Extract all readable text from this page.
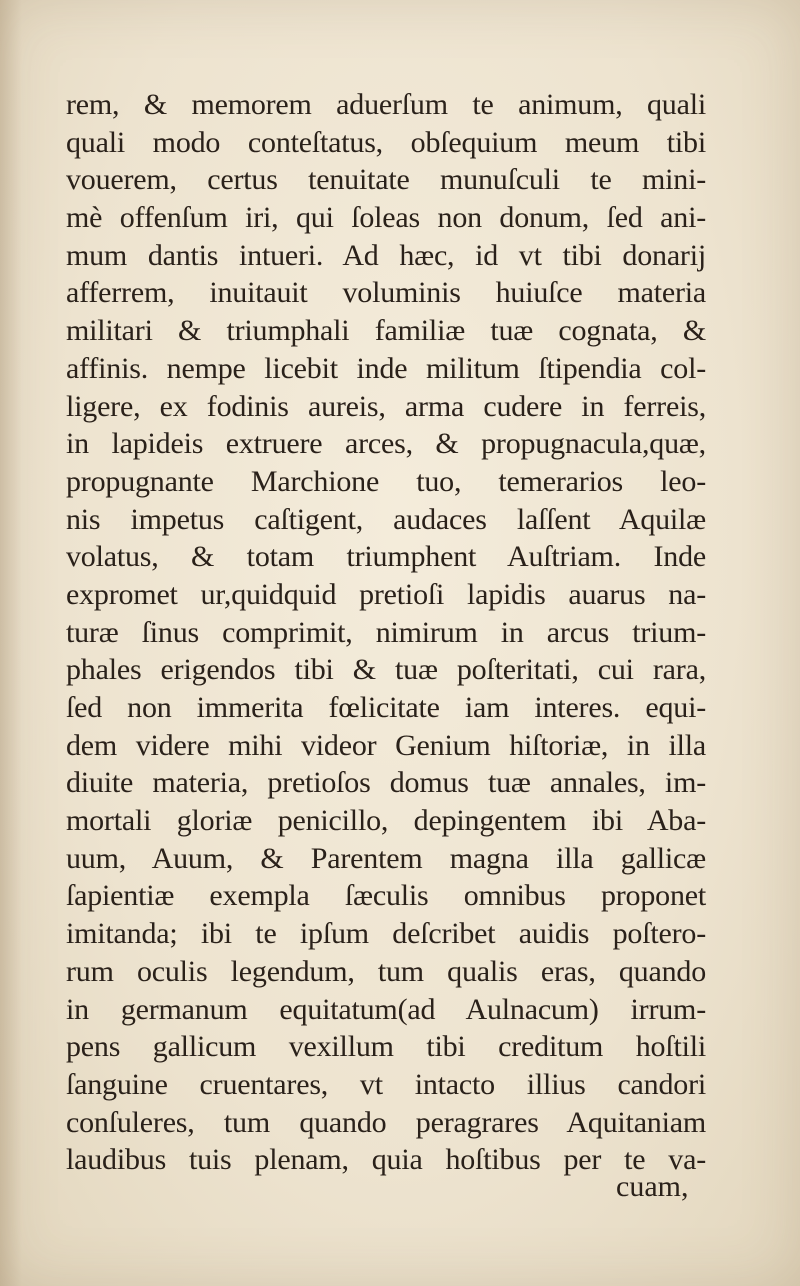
rem, & memorem aduerſum te animum, quali
quali modo conteſtatus, obſequium meum tibi
vouerem, certus tenuitate munuſculi te mini-
mè offenſum iri, qui ſoleas non donum, ſed ani-
mum dantis intueri. Ad hæc, id vt tibi donarij
afferrem, inuitauit voluminis huiuſce materia
militari & triumphali familiæ tuæ cognata, &
affinis. nempe licebit inde militum ſtipendia col-
ligere, ex fodinis aureis, arma cudere in ferreis,
in lapideis extruere arces, & propugnacula,quæ,
propugnante Marchione tuo, temerarios leo-
nis impetus caſtigent, audaces laſſent Aquilæ
volatus, & totam triumphent Auſtriam. Inde
expromet ur,quidquid pretioſi lapidis auarus na-
turæ ſinus comprimit, nimirum in arcus trium-
phales erigendos tibi & tuæ poſteritati, cui rara,
ſed non immerita fœlicitate iam interes. equi-
dem videre mihi videor Genium hiſtoriæ, in illa
diuite materia, pretioſos domus tuæ annales, im-
mortali gloriæ penicillo, depingentem ibi Aba-
uum, Auum, & Parentem magna illa gallicæ
ſapientiæ exempla ſæculis omnibus proponet
imitanda; ibi te ipſum deſcribet auidis poſtero-
rum oculis legendum, tum qualis eras, quando
in germanum equitatum(ad Aulnacum) irrum-
pens gallicum vexillum tibi creditum hoſtili
ſanguine cruentares, vt intacto illius candori
conſuleres, tum quando peragrares Aquitaniam
laudibus tuis plenam, quia hoſtibus per te va-
cuam,
